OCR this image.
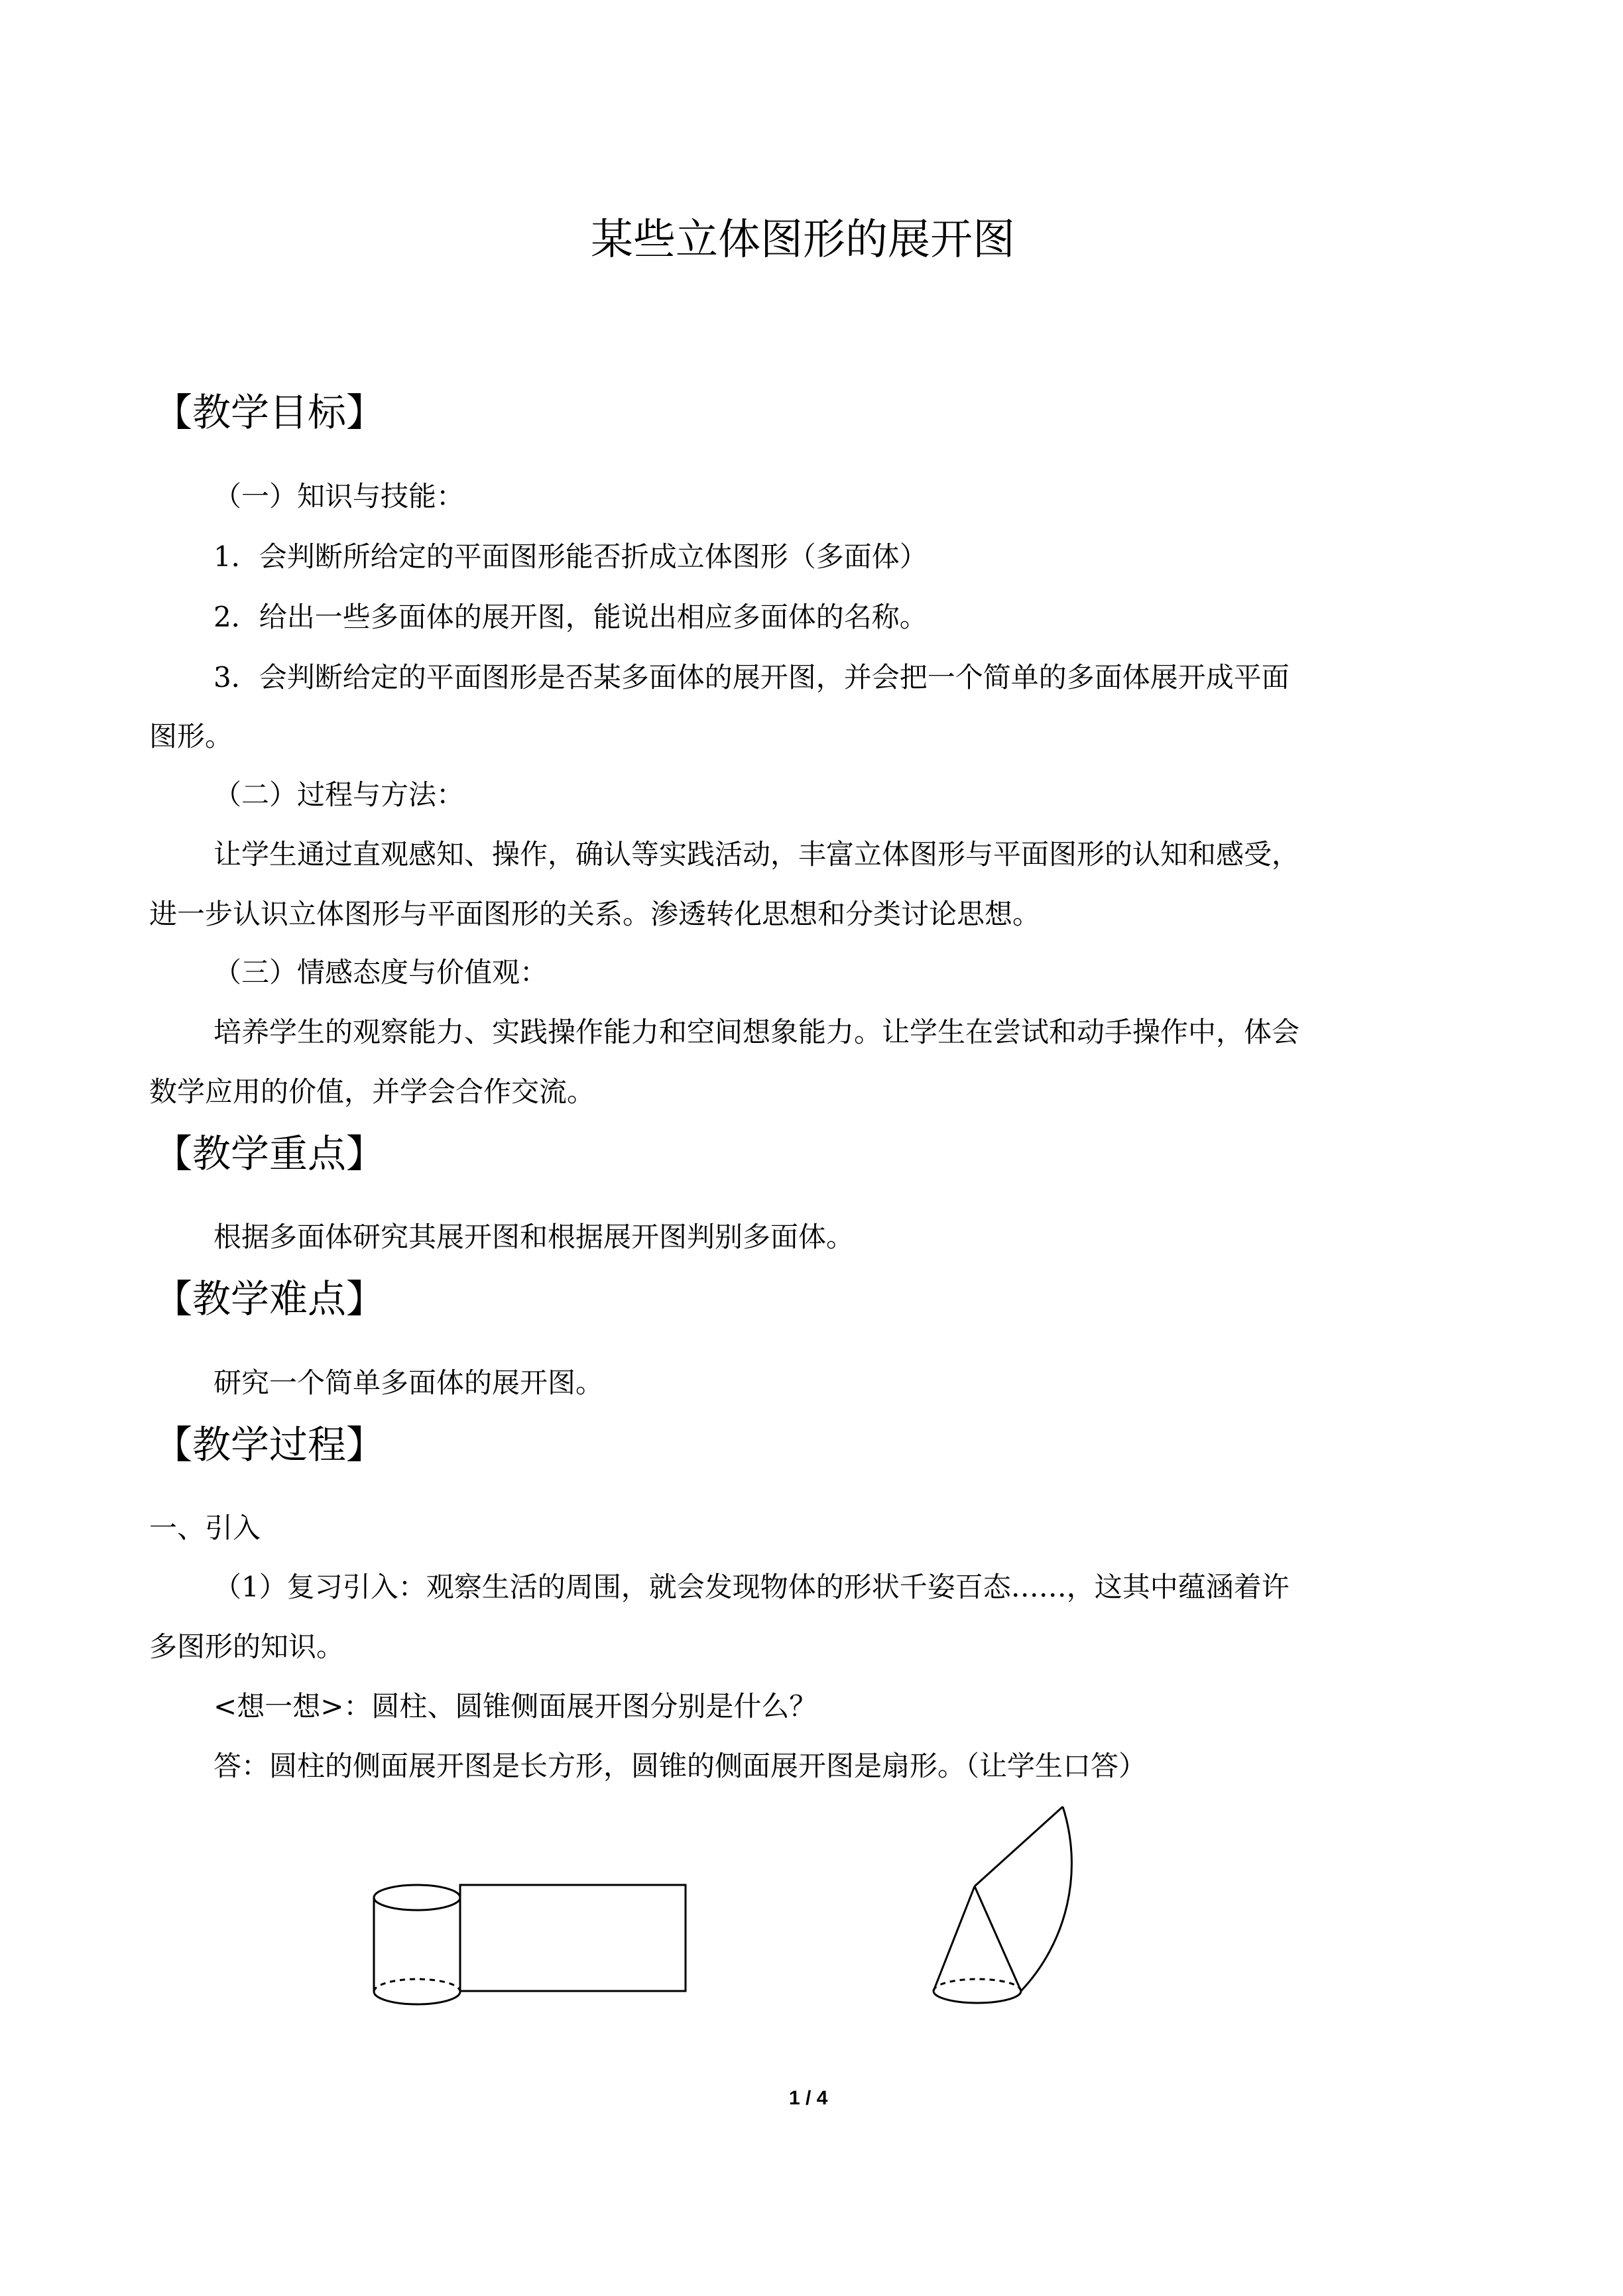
某些立体图形的展开图
【教学目标】
（一）知识与技能：
1．会判断所给定的平面图形能否折成立体图形（多面体）
2．给出一些多面体的展开图，能说出相应多面体的名称。
3．会判断给定的平面图形是否某多面体的展开图，并会把一个简单的多面体展开成平面
图形。
（二）过程与方法：
让学生通过直观感知、操作，确认等实践活动，丰富立体图形与平面图形的认知和感受，
进一步认识立体图形与平面图形的关系。渗透转化思想和分类讨论思想。
（三）情感态度与价值观：
培养学生的观察能力、实践操作能力和空间想象能力。让学生在尝试和动手操作中，体会
数学应用的价值，并学会合作交流。
【教学重点】
根据多面体研究其展开图和根据展开图判别多面体。
【教学难点】
研究一个简单多面体的展开图。
【教学过程】
一、引入
（1）复习引入：观察生活的周围，就会发现物体的形状千姿百态……，这其中蕴涵着许
多图形的知识。
<想一想>：圆柱、圆锥侧面展开图分别是什么？
答：圆柱的侧面展开图是长方形，圆锥的侧面展开图是扇形。（让学生口答）
1 / 4
